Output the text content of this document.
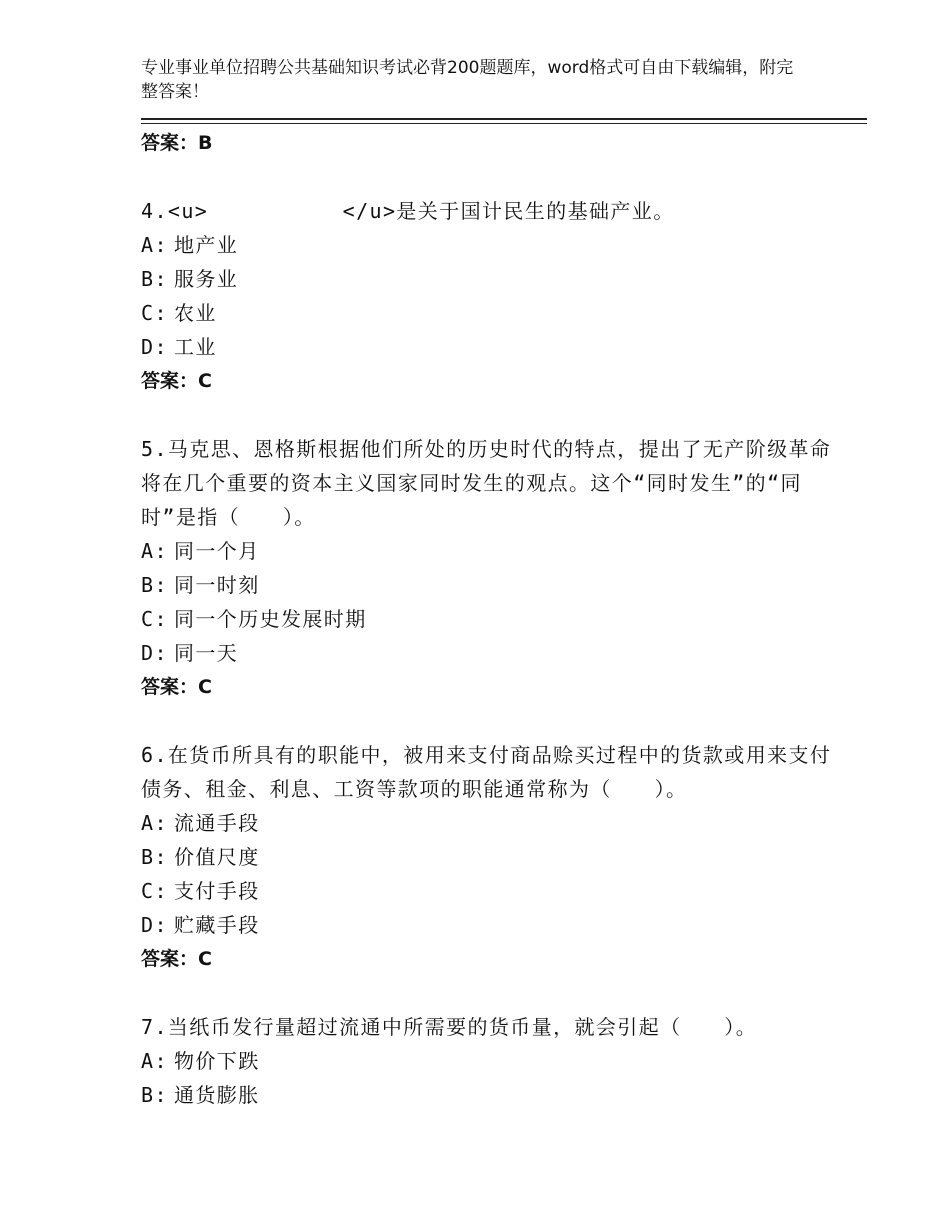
专业事业单位招聘公共基础知识考试必背200题题库，word格式可自由下载编辑，附完整答案！
答案：B
4.<u>          </u>是关于国计民生的基础产业。
A: 地产业
B: 服务业
C: 农业
D: 工业
答案：C
5.马克思、恩格斯根据他们所处的历史时代的特点，提出了无产阶级革命将在几个重要的资本主义国家同时发生的观点。这个“同时发生”的“同时”是指（　　）。
A: 同一个月
B: 同一时刻
C: 同一个历史发展时期
D: 同一天
答案：C
6.在货币所具有的职能中，被用来支付商品赊买过程中的货款或用来支付债务、租金、利息、工资等款项的职能通常称为（　　）。
A: 流通手段
B: 价值尺度
C: 支付手段
D: 贮藏手段
答案：C
7.当纸币发行量超过流通中所需要的货币量，就会引起（　　）。
A: 物价下跌
B: 通货膨胀
